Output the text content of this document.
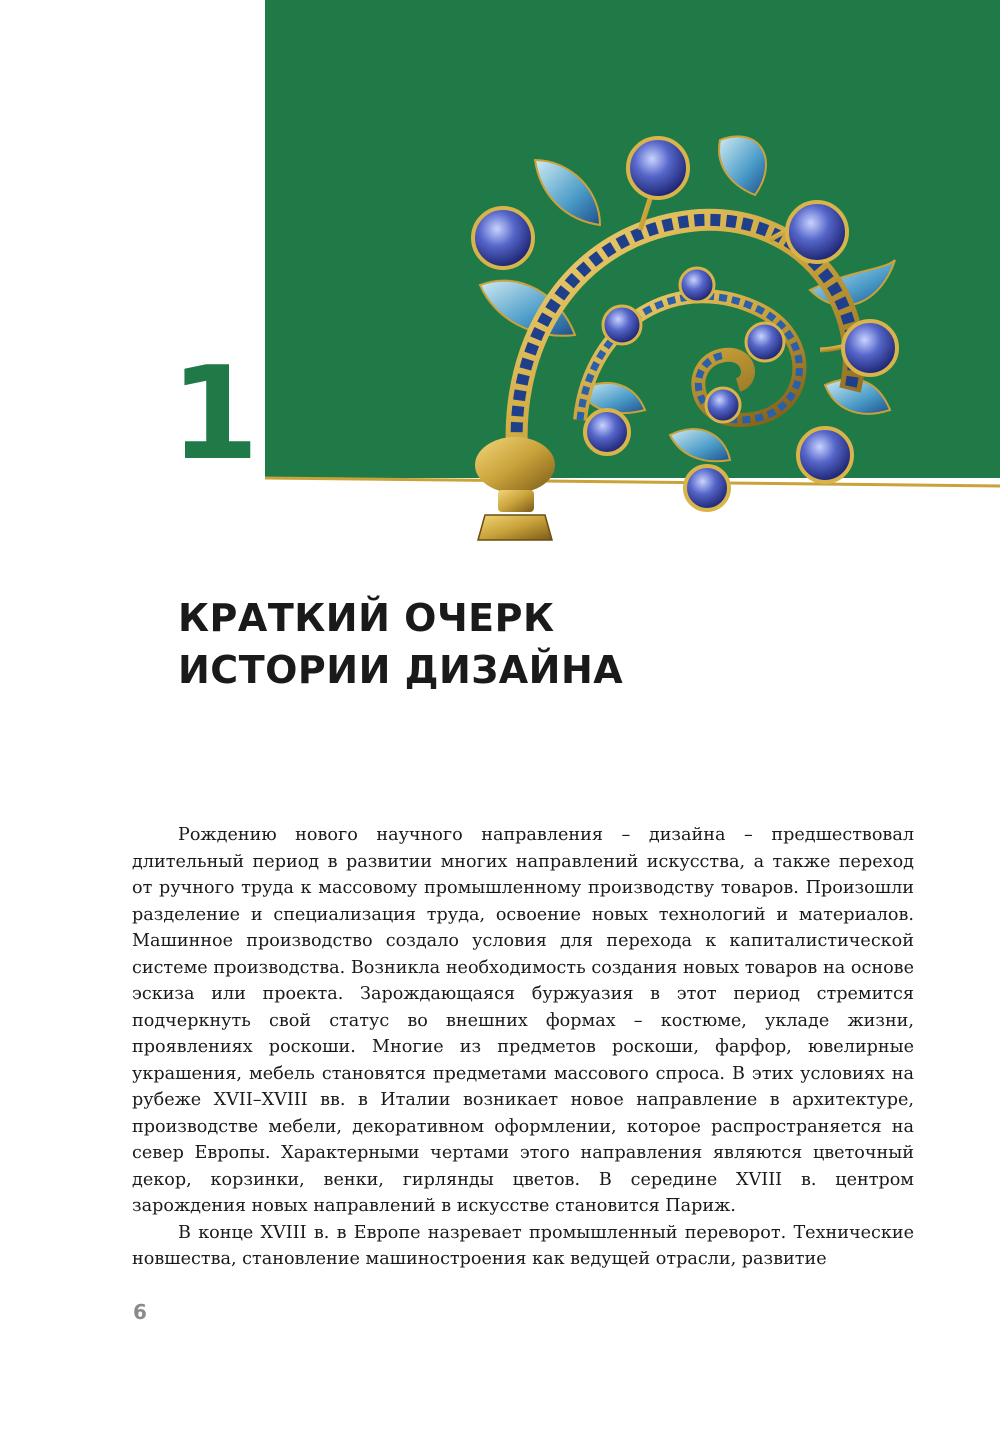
1
КРАТКИЙ ОЧЕРК
ИСТОРИИ ДИЗАЙНА

Рождению нового научного направления – дизайна – предшествовал длительный период в развитии многих направлений искусства, а также переход от ручного труда к массовому промышленному производству товаров. Произошли разделение и специализация труда, освоение новых технологий и материалов. Машинное производство создало условия для перехода к капиталистической системе производства. Возникла необходимость создания новых товаров на основе эскиза или проекта. Зарождающаяся буржуазия в этот период стремится подчеркнуть свой статус во внешних формах – костюме, укладе жизни, проявлениях роскоши. Многие из предметов роскоши, фарфор, ювелирные украшения, мебель становятся предметами массового спроса. В этих условиях на рубеже XVII–XVIII вв. в Италии возникает новое направление в архитектуре, производстве мебели, декоративном оформлении, которое распространяется на север Европы. Характерными чертами этого направления являются цветочный декор, корзинки, венки, гирлянды цветов. В середине XVIII в. центром зарождения новых направлений в искусстве становится Париж.

В конце XVIII в. в Европе назревает промышленный переворот. Технические новшества, становление машиностроения как ведущей отрасли, развитие

6
